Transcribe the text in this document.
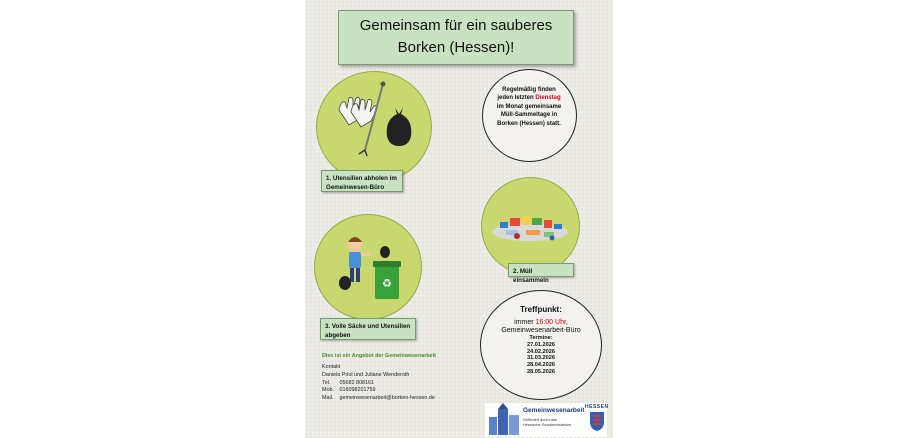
Gemeinsam für ein sauberes
Borken (Hessen)!
1. Utensilien abholen im
Gemeinwesen-Büro
Regelmäßig finden jeden letzten Dienstag im Monat gemeinsame Müll-Sammeltage in Borken (Hessen) statt.
2. Müll einsammeln
♻
3. Volle Säcke und Utensilien
abgeben
Treffpunkt:
immer 16:00 Uhr,
Gemeinwesenarbeit-Büro
Termine:
27.01.2026
24.02.2026
31.03.2026
28.04.2026
28.05.2026
Dies ist ein Angebot der Gemeinwesenarbeit
Kontakt
Daniela Priol und Juliane Wenderoth
Tel. 05682 808161
Mob. 016098201759
Mail. gemeinwesenarbeit@borken-hessen.de
Gemeinwesenarbeit
Gefördert durch das Hessische Sozialministerium
HESSEN
